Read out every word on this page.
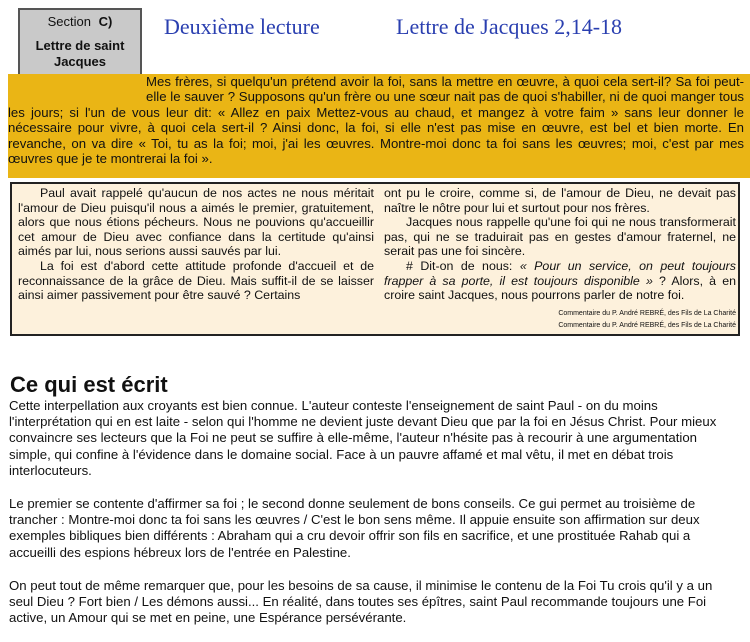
Section C)
Lettre de saint Jacques
Deuxième lecture	Lettre de Jacques 2,14-18

Mes frères, si quelqu'un prétend avoir la foi, sans la mettre en œuvre, à quoi cela sert-il? Sa foi peut-elle le sauver ? Supposons qu'un frère ou une sœur nait pas de quoi s'habiller, ni de quoi manger tous les jours; si l'un de vous leur dit: « Allez en paix Mettez-vous au chaud, et mangez à votre faim » sans leur donner le nécessaire pour vivre, à quoi cela sert-il ? Ainsi donc, la foi, si elle n'est pas mise en œuvre, est bel et bien morte. En revanche, on va dire « Toi, tu as la foi; moi, j'ai les œuvres. Montre-moi donc ta foi sans les œuvres; moi, c'est par mes œuvres que je te montrerai la foi ».

Paul avait rappelé qu'aucun de nos actes ne nous méritait l'amour de Dieu puisqu'il nous a aimés le premier, gratuitement, alors que nous étions pécheurs. Nous ne pouvions qu'accueillir cet amour de Dieu avec confiance dans la certitude qu'ainsi aimés par lui, nous serions aussi sauvés par lui.

La foi est d'abord cette attitude profonde d'accueil et de reconnaissance de la grâce de Dieu. Mais suffit-il de se laisser ainsi aimer passivement pour être sauvé ? Certains

ont pu le croire, comme si, de l'amour de Dieu, ne devait pas naître le nôtre pour lui et surtout pour nos frères.

Jacques nous rappelle qu'une foi qui ne nous transformerait pas, qui ne se traduirait pas en gestes d'amour fraternel, ne serait pas une foi sincère.

# Dit-on de nous: « Pour un service, on peut toujours frapper à sa porte, il est toujours disponible » ? Alors, à en croire saint Jacques, nous pourrons parler de notre foi.
Commentaire du P. André REBRÉ, des Fils de La Charité

Commentaire du P. André REBRÉ, des Fils de La Charité

Ce qui est écrit

Cette interpellation aux croyants est bien connue. L'auteur conteste l'enseignement de saint Paul - on du moins l'interprétation qui en est laite - selon qui l'homme ne devient juste devant Dieu que par la foi en Jésus Christ. Pour mieux convaincre ses lecteurs que la Foi ne peut se suffire à elle-même, l'auteur n'hésite pas à recourir à une argumentation simple, qui confine à l'évidence dans le domaine social. Face à un pauvre affamé et mal vêtu, il met en débat trois interlocuteurs.

Le premier se contente d'affirmer sa foi ; le second donne seulement de bons conseils. Ce gui permet au troisième de trancher : Montre-moi donc ta foi sans les œuvres / C'est le bon sens même. Il appuie ensuite son affirmation sur deux exemples bibliques bien différents : Abraham qui a cru devoir offrir son fils en sacrifice, et une prostituée Rahab qui a accueilli des espions hébreux lors de l'entrée en Palestine.

On peut tout de même remarquer que, pour les besoins de sa cause, il minimise le contenu de la Foi Tu crois qu'il y a un seul Dieu ? Fort bien / Les démons aussi... En réalité, dans toutes ses épîtres, saint Paul recommande toujours une Foi active, un Amour qui se met en peine, une Espérance persévérante.
